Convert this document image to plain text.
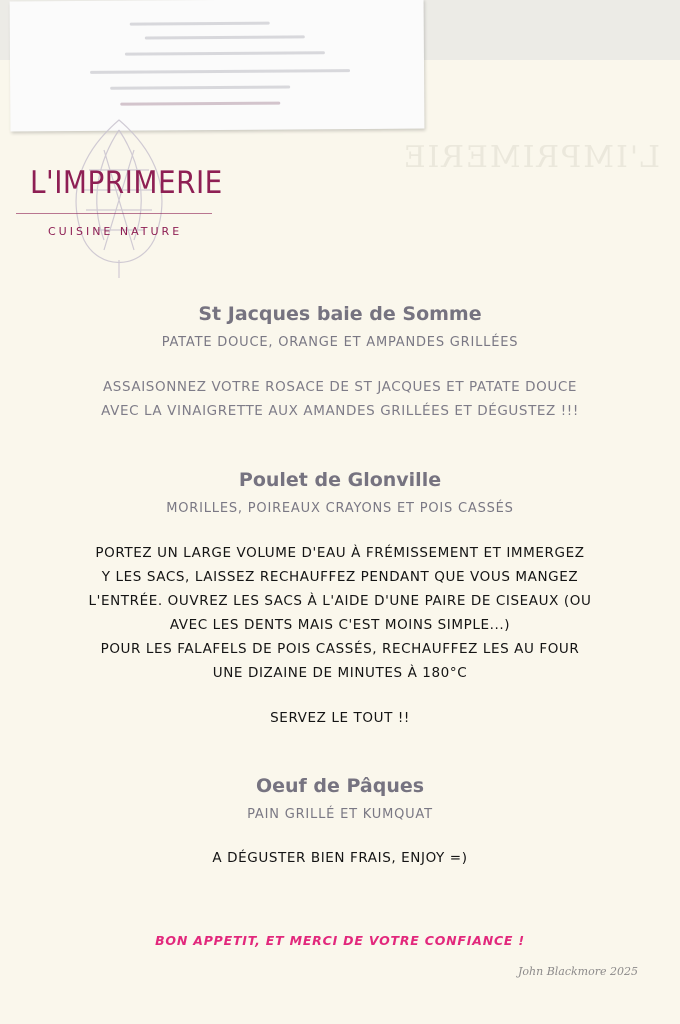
L'IMPRIMERIE
L'IMPRIMERIE
CUISINE NATURE
St Jacques baie de Somme
PATATE DOUCE, ORANGE ET AMPANDES GRILLÉES
ASSAISONNEZ VOTRE ROSACE DE ST JACQUES ET PATATE DOUCE
AVEC LA VINAIGRETTE AUX AMANDES GRILLÉES ET DÉGUSTEZ !!!
Poulet de Glonville
MORILLES, POIREAUX CRAYONS ET POIS CASSÉS
PORTEZ UN LARGE VOLUME D'EAU À FRÉMISSEMENT ET IMMERGEZ
Y LES SACS, LAISSEZ RECHAUFFEZ PENDANT QUE VOUS MANGEZ
L'ENTRÉE. OUVREZ LES SACS À L'AIDE D'UNE PAIRE DE CISEAUX (OU
AVEC LES DENTS MAIS C'EST MOINS SIMPLE...)
POUR LES FALAFELS DE POIS CASSÉS, RECHAUFFEZ LES AU FOUR
UNE DIZAINE DE MINUTES À 180°C
SERVEZ LE TOUT !!
Oeuf de Pâques
PAIN GRILLÉ ET KUMQUAT
A DÉGUSTER BIEN FRAIS, ENJOY =)
BON APPETIT, ET MERCI DE VOTRE CONFIANCE !
John Blackmore 2025
